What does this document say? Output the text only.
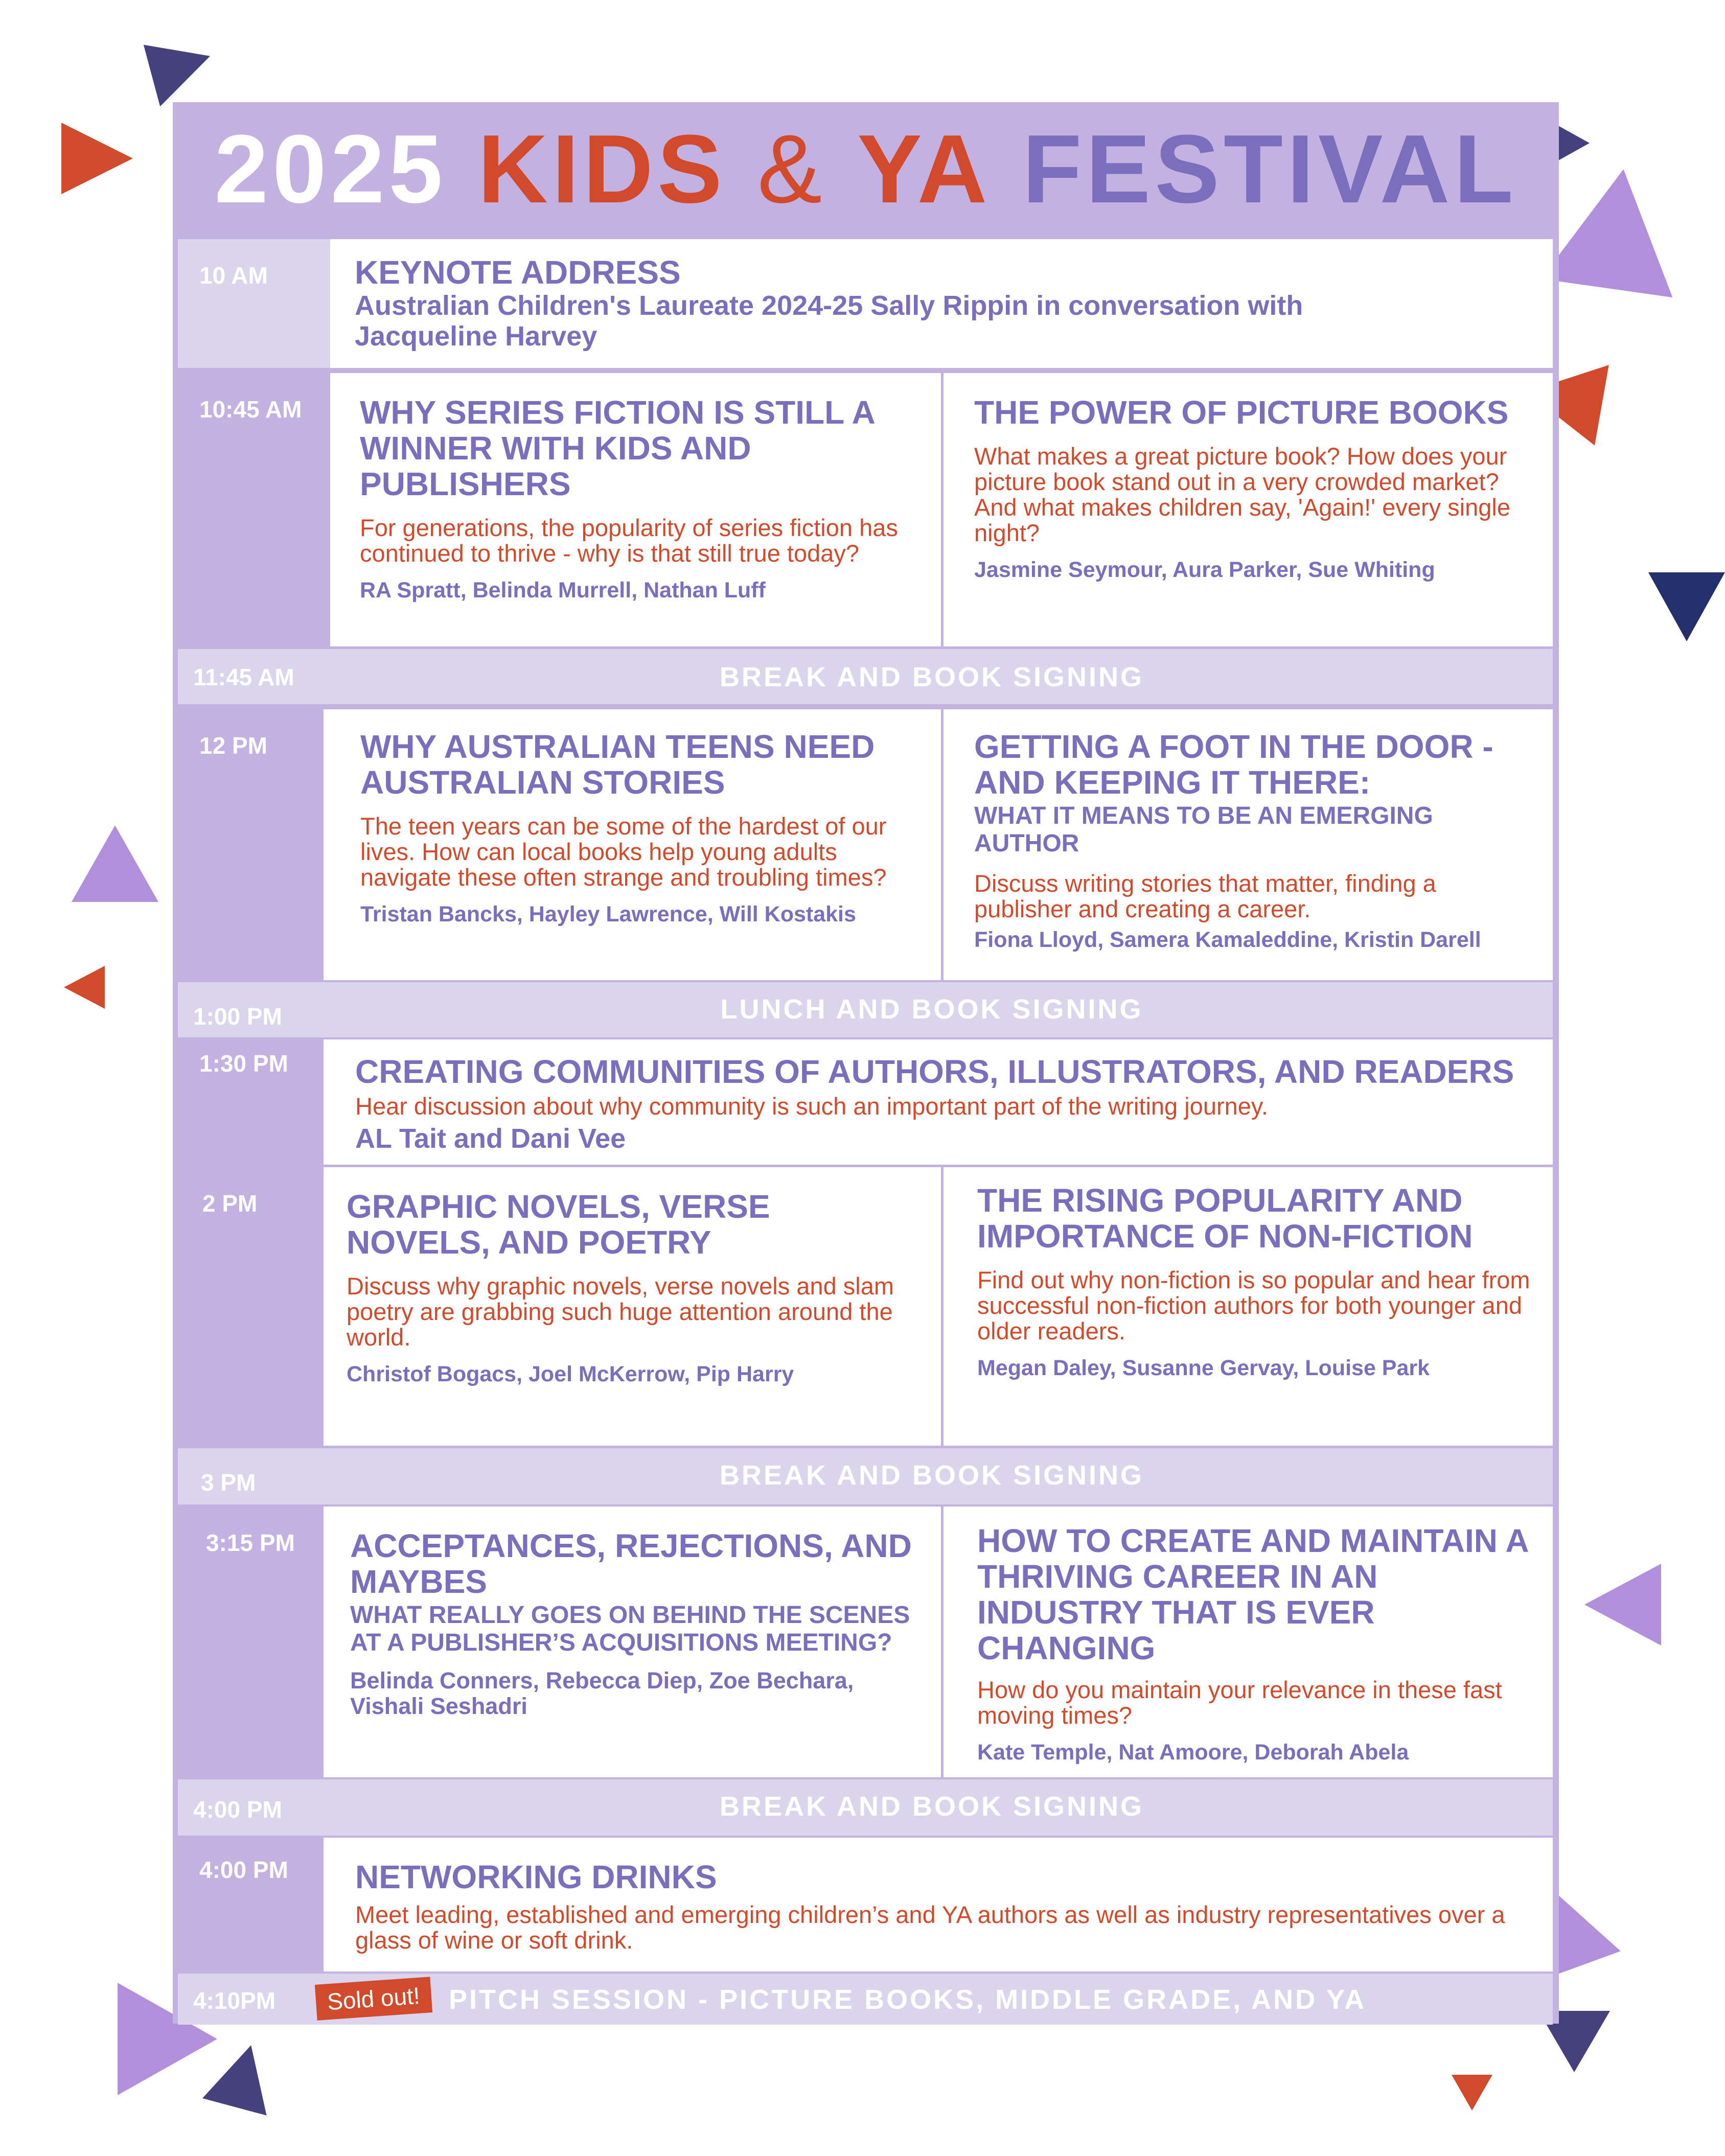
2025 KIDS & YA FESTIVAL
10 AM	KEYNOTE ADDRESS
Australian Children's Laureate 2024-25 Sally Rippin in conversation with
Jacqueline Harvey
10:45 AM WHY SERIES FICTION IS STILL A WINNER WITH KIDS AND PUBLISHERS
For generations, the popularity of series fiction has continued to thrive - why is that still true today?
RA Spratt, Belinda Murrell, Nathan Luff
THE POWER OF PICTURE BOOKS
What makes a great picture book? How does your picture book stand out in a very crowded market? And what makes children say, 'Again!' every single night?
Jasmine Seymour, Aura Parker, Sue Whiting
11:45 AM	BREAK AND BOOK SIGNING
12 PM	WHY AUSTRALIAN TEENS NEED AUSTRALIAN STORIES
The teen years can be some of the hardest of our lives. How can local books help young adults navigate these often strange and troubling times?
Tristan Bancks, Hayley Lawrence, Will Kostakis
GETTING A FOOT IN THE DOOR - AND KEEPING IT THERE:
WHAT IT MEANS TO BE AN EMERGING AUTHOR
Discuss writing stories that matter, finding a publisher and creating a career.
Fiona Lloyd, Samera Kamaleddine, Kristin Darell
1:00 PM	LUNCH AND BOOK SIGNING
1:30 PM CREATING COMMUNITIES OF AUTHORS, ILLUSTRATORS, AND READERS
Hear discussion about why community is such an important part of the writing journey.
AL Tait and Dani Vee
2 PM	GRAPHIC NOVELS, VERSE NOVELS, AND POETRY
Discuss why graphic novels, verse novels and slam poetry are grabbing such huge attention around the world.
Christof Bogacs, Joel McKerrow, Pip Harry
THE RISING POPULARITY AND IMPORTANCE OF NON-FICTION
Find out why non-fiction is so popular and hear from successful non-fiction authors for both younger and older readers.
Megan Daley, Susanne Gervay, Louise Park
3 PM	BREAK AND BOOK SIGNING
3:15 PM ACCEPTANCES, REJECTIONS, AND MAYBES
WHAT REALLY GOES ON BEHIND THE SCENES AT A PUBLISHER’S ACQUISITIONS MEETING?
Belinda Conners, Rebecca Diep, Zoe Bechara, Vishali Seshadri
HOW TO CREATE AND MAINTAIN A THRIVING CAREER IN AN INDUSTRY THAT IS EVER CHANGING
How do you maintain your relevance in these fast moving times?
Kate Temple, Nat Amoore, Deborah Abela
4:00 PM	BREAK AND BOOK SIGNING
4:00 PM NETWORKING DRINKS
Meet leading, established and emerging children’s and YA authors as well as industry representatives over a glass of wine or soft drink.
4:10PM	Sold out!	PITCH SESSION - PICTURE BOOKS, MIDDLE GRADE, AND YA
